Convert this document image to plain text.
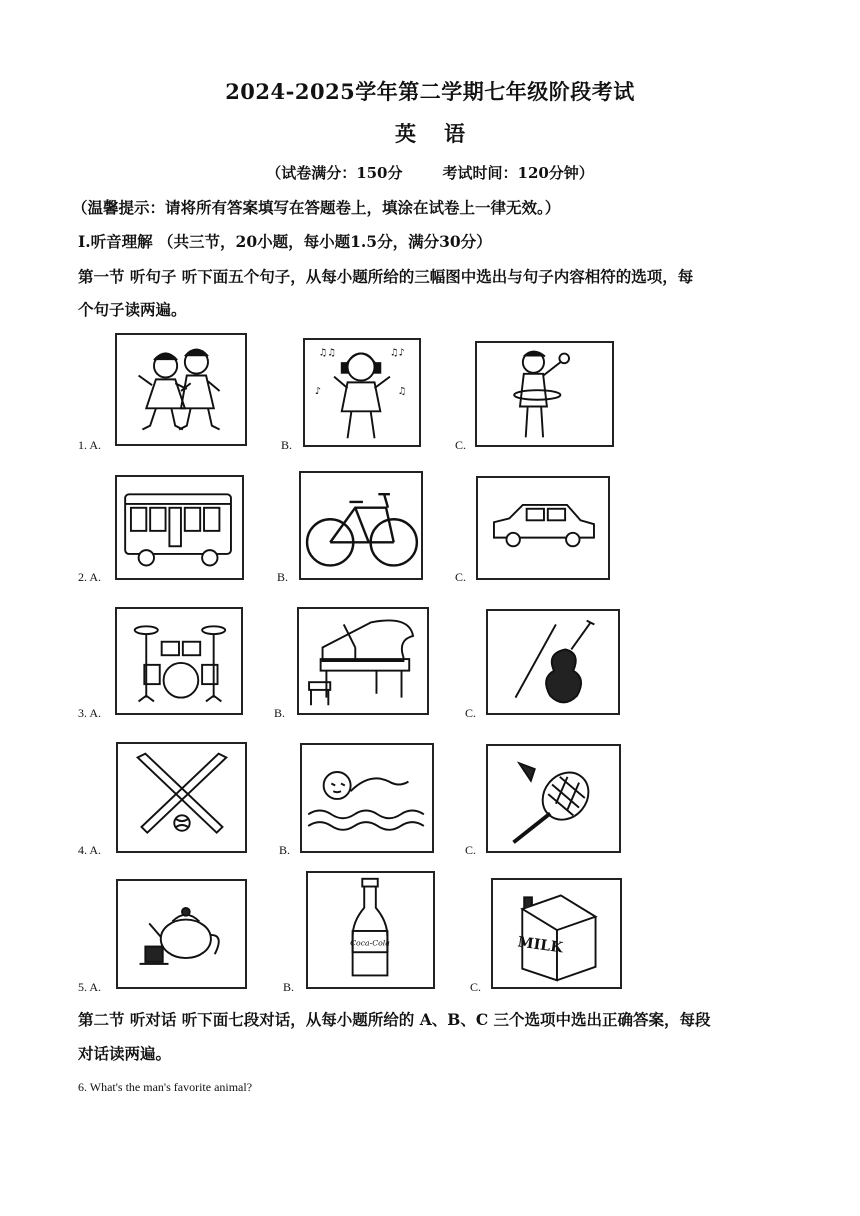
2024-2025学年第二学期七年级阶段考试
英 语
（试卷满分：150分	考试时间：120分钟）
（温馨提示：请将所有答案填写在答题卷上，填涂在试卷上一律无效。）
I.听音理解 （共三节，20小题，每小题1.5分，满分30分）
第一节 听句子 听下面五个句子，从每小题所给的三幅图中选出与句子内容相符的选项，每
个句子读两遍。
1. A.	B.
♫♫	♫♪
♪	♫
C.
2. A.	B.	C.
3. A.	B.	C.
4. A.	B.	C.
5. A.	B.
Coca-Cola
C.
MILK
第二节 听对话 听下面七段对话，从每小题所给的 A、B、C 三个选项中选出正确答案，每段
对话读两遍。
6. What's the man's favorite animal?
